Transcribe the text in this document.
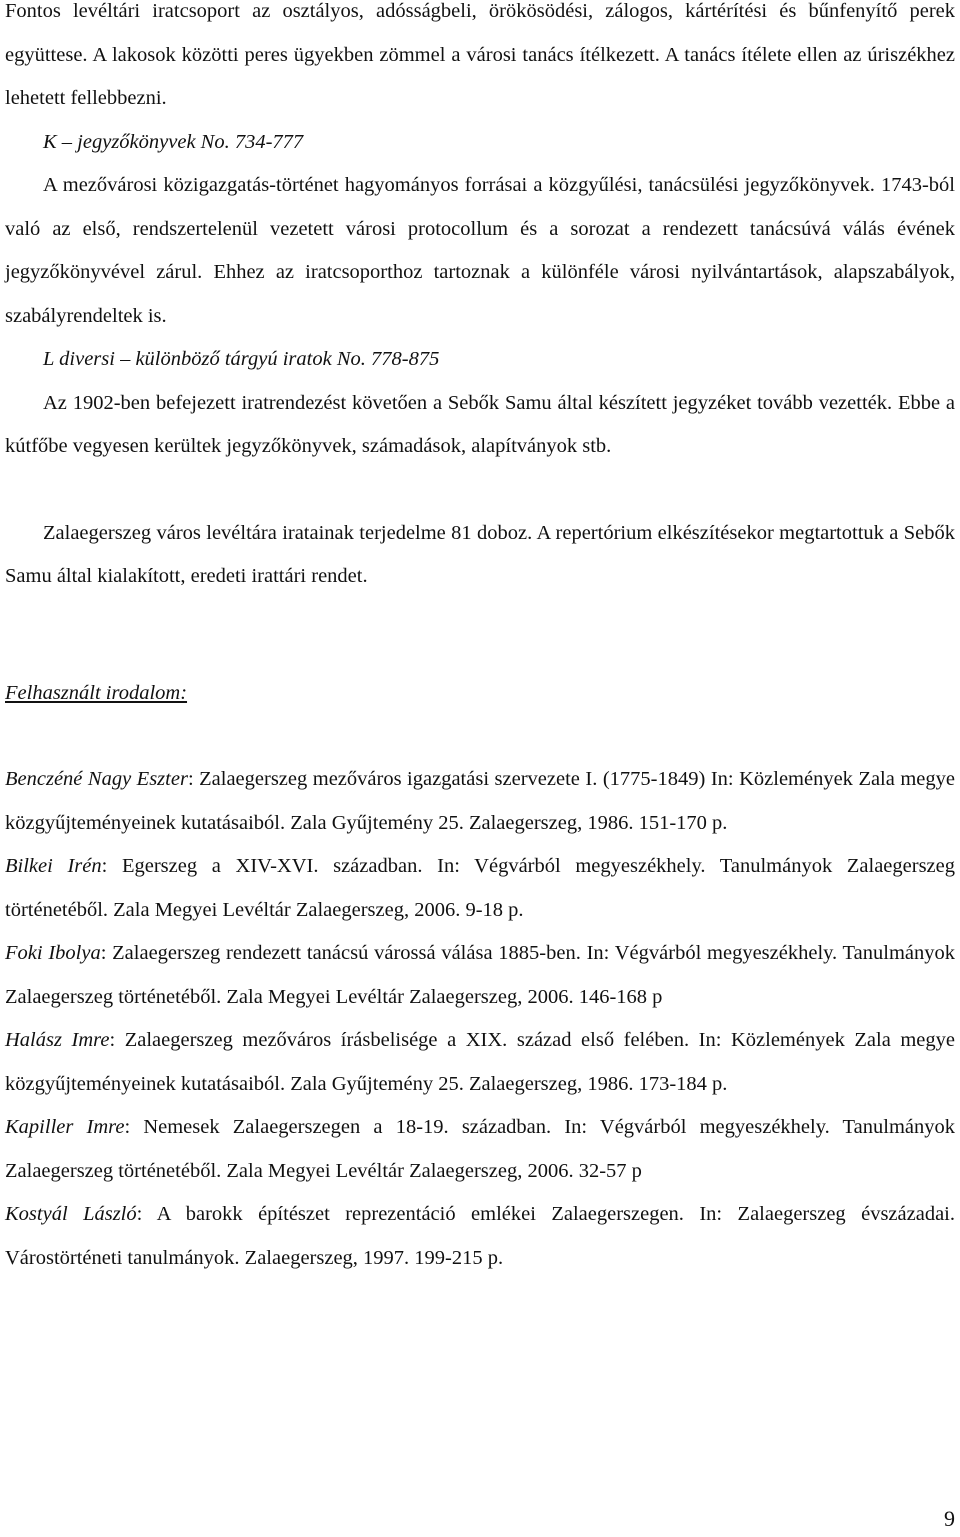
Fontos levéltári iratcsoport az osztályos, adósságbeli, örökösödési, zálogos, kártérítési és bűnfenyítő perek együttese. A lakosok közötti peres ügyekben zömmel a városi tanács ítélkezett. A tanács ítélete ellen az úriszékhez lehetett fellebbezni.

K – jegyzőkönyvek No. 734-777

A mezővárosi közigazgatás-történet hagyományos forrásai a közgyűlési, tanácsülési jegyzőkönyvek. 1743-ból való az első, rendszertelenül vezetett városi protocollum és a sorozat a rendezett tanácsúvá válás évének jegyzőkönyvével zárul. Ehhez az iratcsoporthoz tartoznak a különféle városi nyilvántartások, alapszabályok, szabályrendeltek is.

L diversi – különböző tárgyú iratok No. 778-875

Az 1902-ben befejezett iratrendezést követően a Sebők Samu által készített jegyzéket tovább vezették. Ebbe a kútfőbe vegyesen kerültek jegyzőkönyvek, számadások, alapítványok stb.

Zalaegerszeg város levéltára iratainak terjedelme 81 doboz. A repertórium elkészítésekor megtartottuk a Sebők Samu által kialakított, eredeti irattári rendet.

Felhasznált irodalom:

Benczéné Nagy Eszter: Zalaegerszeg mezőváros igazgatási szervezete I. (1775-1849) In: Közlemények Zala megye közgyűjteményeinek kutatásaiból. Zala Gyűjtemény 25. Zalaegerszeg, 1986. 151-170 p.

Bilkei Irén: Egerszeg a XIV-XVI. században. In: Végvárból megyeszékhely. Tanulmányok Zalaegerszeg történetéből. Zala Megyei Levéltár Zalaegerszeg, 2006. 9-18 p.

Foki Ibolya: Zalaegerszeg rendezett tanácsú várossá válása 1885-ben. In: Végvárból megyeszékhely. Tanulmányok Zalaegerszeg történetéből. Zala Megyei Levéltár Zalaegerszeg, 2006. 146-168 p

Halász Imre: Zalaegerszeg mezőváros írásbelisége a XIX. század első felében. In: Közlemények Zala megye közgyűjteményeinek kutatásaiból. Zala Gyűjtemény 25. Zalaegerszeg, 1986. 173-184 p.

Kapiller Imre: Nemesek Zalaegerszegen a 18-19. században. In: Végvárból megyeszékhely. Tanulmányok Zalaegerszeg történetéből. Zala Megyei Levéltár Zalaegerszeg, 2006. 32-57 p

Kostyál László: A barokk építészet reprezentáció emlékei Zalaegerszegen. In: Zalaegerszeg évszázadai. Várostörténeti tanulmányok. Zalaegerszeg, 1997. 199-215 p.

9
